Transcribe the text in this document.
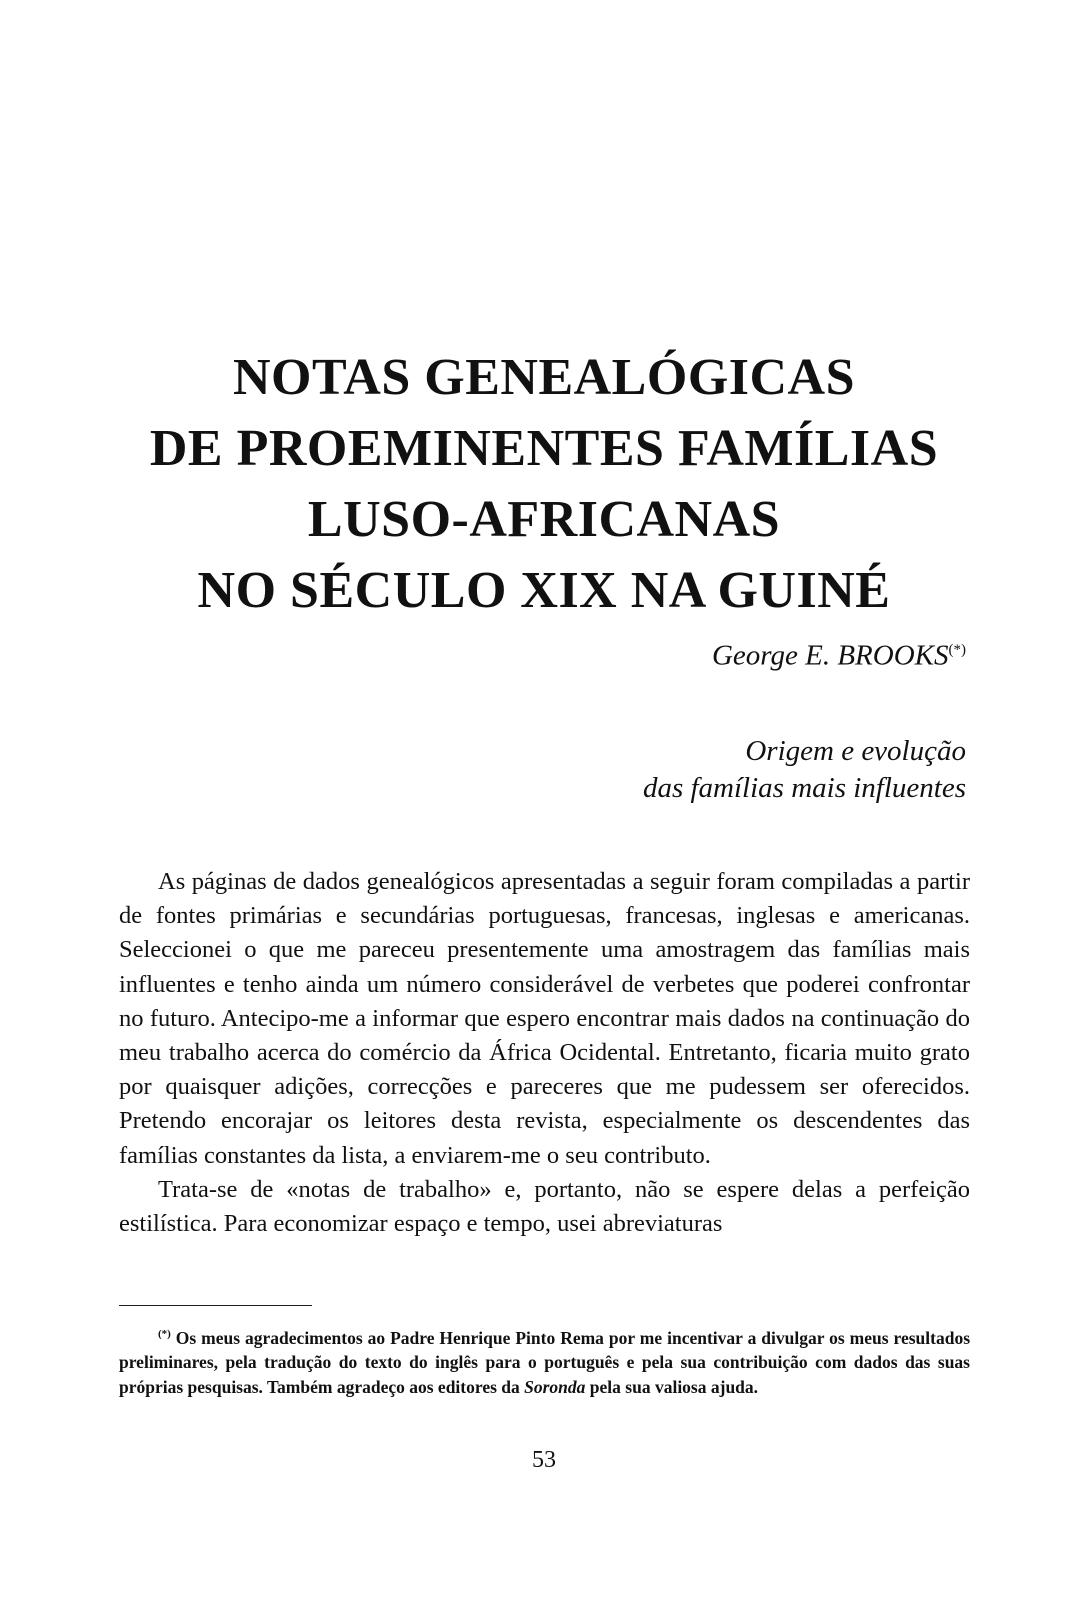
NOTAS GENEALÓGICAS
DE PROEMINENTES FAMÍLIAS
LUSO-AFRICANAS
NO SÉCULO XIX NA GUINÉ
George E. BROOKS(*)
Origem e evolução
das famílias mais influentes

As páginas de dados genealógicos apresentadas a seguir foram compiladas a partir de fontes primárias e secundárias portuguesas, francesas, inglesas e americanas. Seleccionei o que me pareceu presentemente uma amostragem das famílias mais influentes e tenho ainda um número considerável de verbetes que poderei confrontar no futuro. Antecipo-me a informar que espero encontrar mais dados na continuação do meu trabalho acerca do comércio da África Ocidental. Entretanto, ficaria muito grato por quaisquer adições, correcções e pareceres que me pudessem ser oferecidos. Pretendo encorajar os leitores desta revista, especialmente os descendentes das famílias constantes da lista, a enviarem-me o seu contributo.

Trata-se de «notas de trabalho» e, portanto, não se espere delas a perfeição estilística. Para economizar espaço e tempo, usei abreviaturas

(*) Os meus agradecimentos ao Padre Henrique Pinto Rema por me incentivar a divulgar os meus resultados preliminares, pela tradução do texto do inglês para o português e pela sua contribuição com dados das suas próprias pesquisas. Também agradeço aos editores da Soronda pela sua valiosa ajuda.
53
